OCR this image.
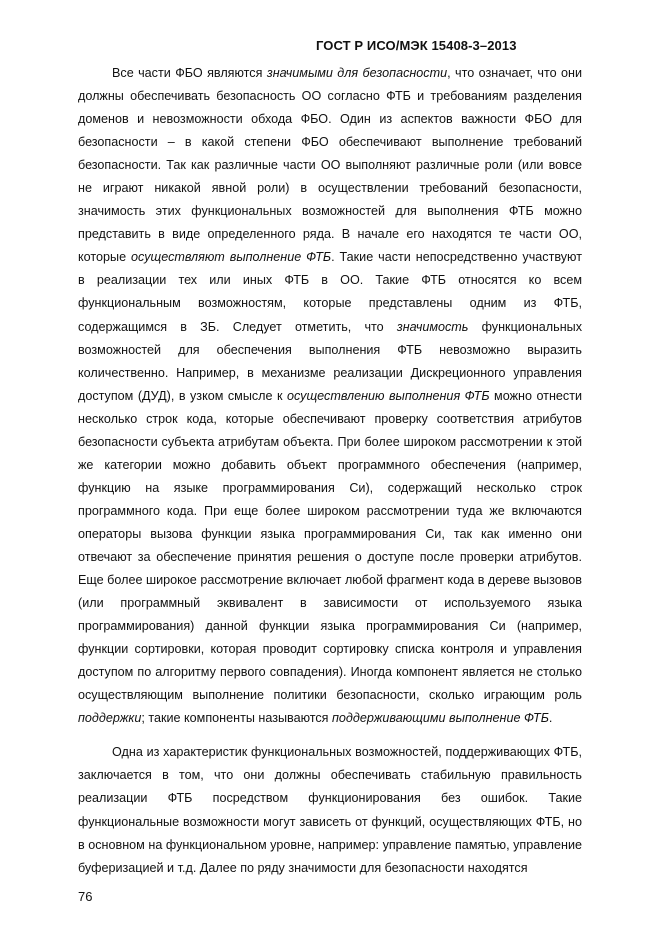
ГОСТ Р ИСО/МЭК 15408-3–2013

Все части ФБО являются значимыми для безопасности, что означает, что они должны обеспечивать безопасность ОО согласно ФТБ и требованиям разделения доменов и невозможности обхода ФБО. Один из аспектов важности ФБО для безопасности – в какой степени ФБО обеспечивают выполнение требований безопасности. Так как различные части ОО выполняют различные роли (или вовсе не играют никакой явной роли) в осуществлении требований безопасности, значимость этих функциональных возможностей для выполнения ФТБ можно представить в виде определенного ряда. В начале его находятся те части ОО, которые осуществляют выполнение ФТБ. Такие части непосредственно участвуют в реализации тех или иных ФТБ в ОО. Такие ФТБ относятся ко всем функциональным возможностям, которые представлены одним из ФТБ, содержащимся в ЗБ. Следует отметить, что значимость функциональных возможностей для обеспечения выполнения ФТБ невозможно выразить количественно. Например, в механизме реализации Дискреционного управления доступом (ДУД), в узком смысле к осуществлению выполнения ФТБ можно отнести несколько строк кода, которые обеспечивают проверку соответствия атрибутов безопасности субъекта атрибутам объекта. При более широком рассмотрении к этой же категории можно добавить объект программного обеспечения (например, функцию на языке программирования Си), содержащий несколько строк программного кода. При еще более широком рассмотрении туда же включаются операторы вызова функции языка программирования Си, так как именно они отвечают за обеспечение принятия решения о доступе после проверки атрибутов. Еще более широкое рассмотрение включает любой фрагмент кода в дереве вызовов (или программный эквивалент в зависимости от используемого языка программирования) данной функции языка программирования Си (например, функции сортировки, которая проводит сортировку списка контроля и управления доступом по алгоритму первого совпадения). Иногда компонент является не столько осуществляющим выполнение политики безопасности, сколько играющим роль поддержки; такие компоненты называются поддерживающими выполнение ФТБ.

Одна из характеристик функциональных возможностей, поддерживающих ФТБ, заключается в том, что они должны обеспечивать стабильную правильность реализации ФТБ посредством функционирования без ошибок. Такие функциональные возможности могут зависеть от функций, осуществляющих ФТБ, но в основном на функциональном уровне, например: управление памятью, управление буферизацией и т.д. Далее по ряду значимости для безопасности находятся

76
